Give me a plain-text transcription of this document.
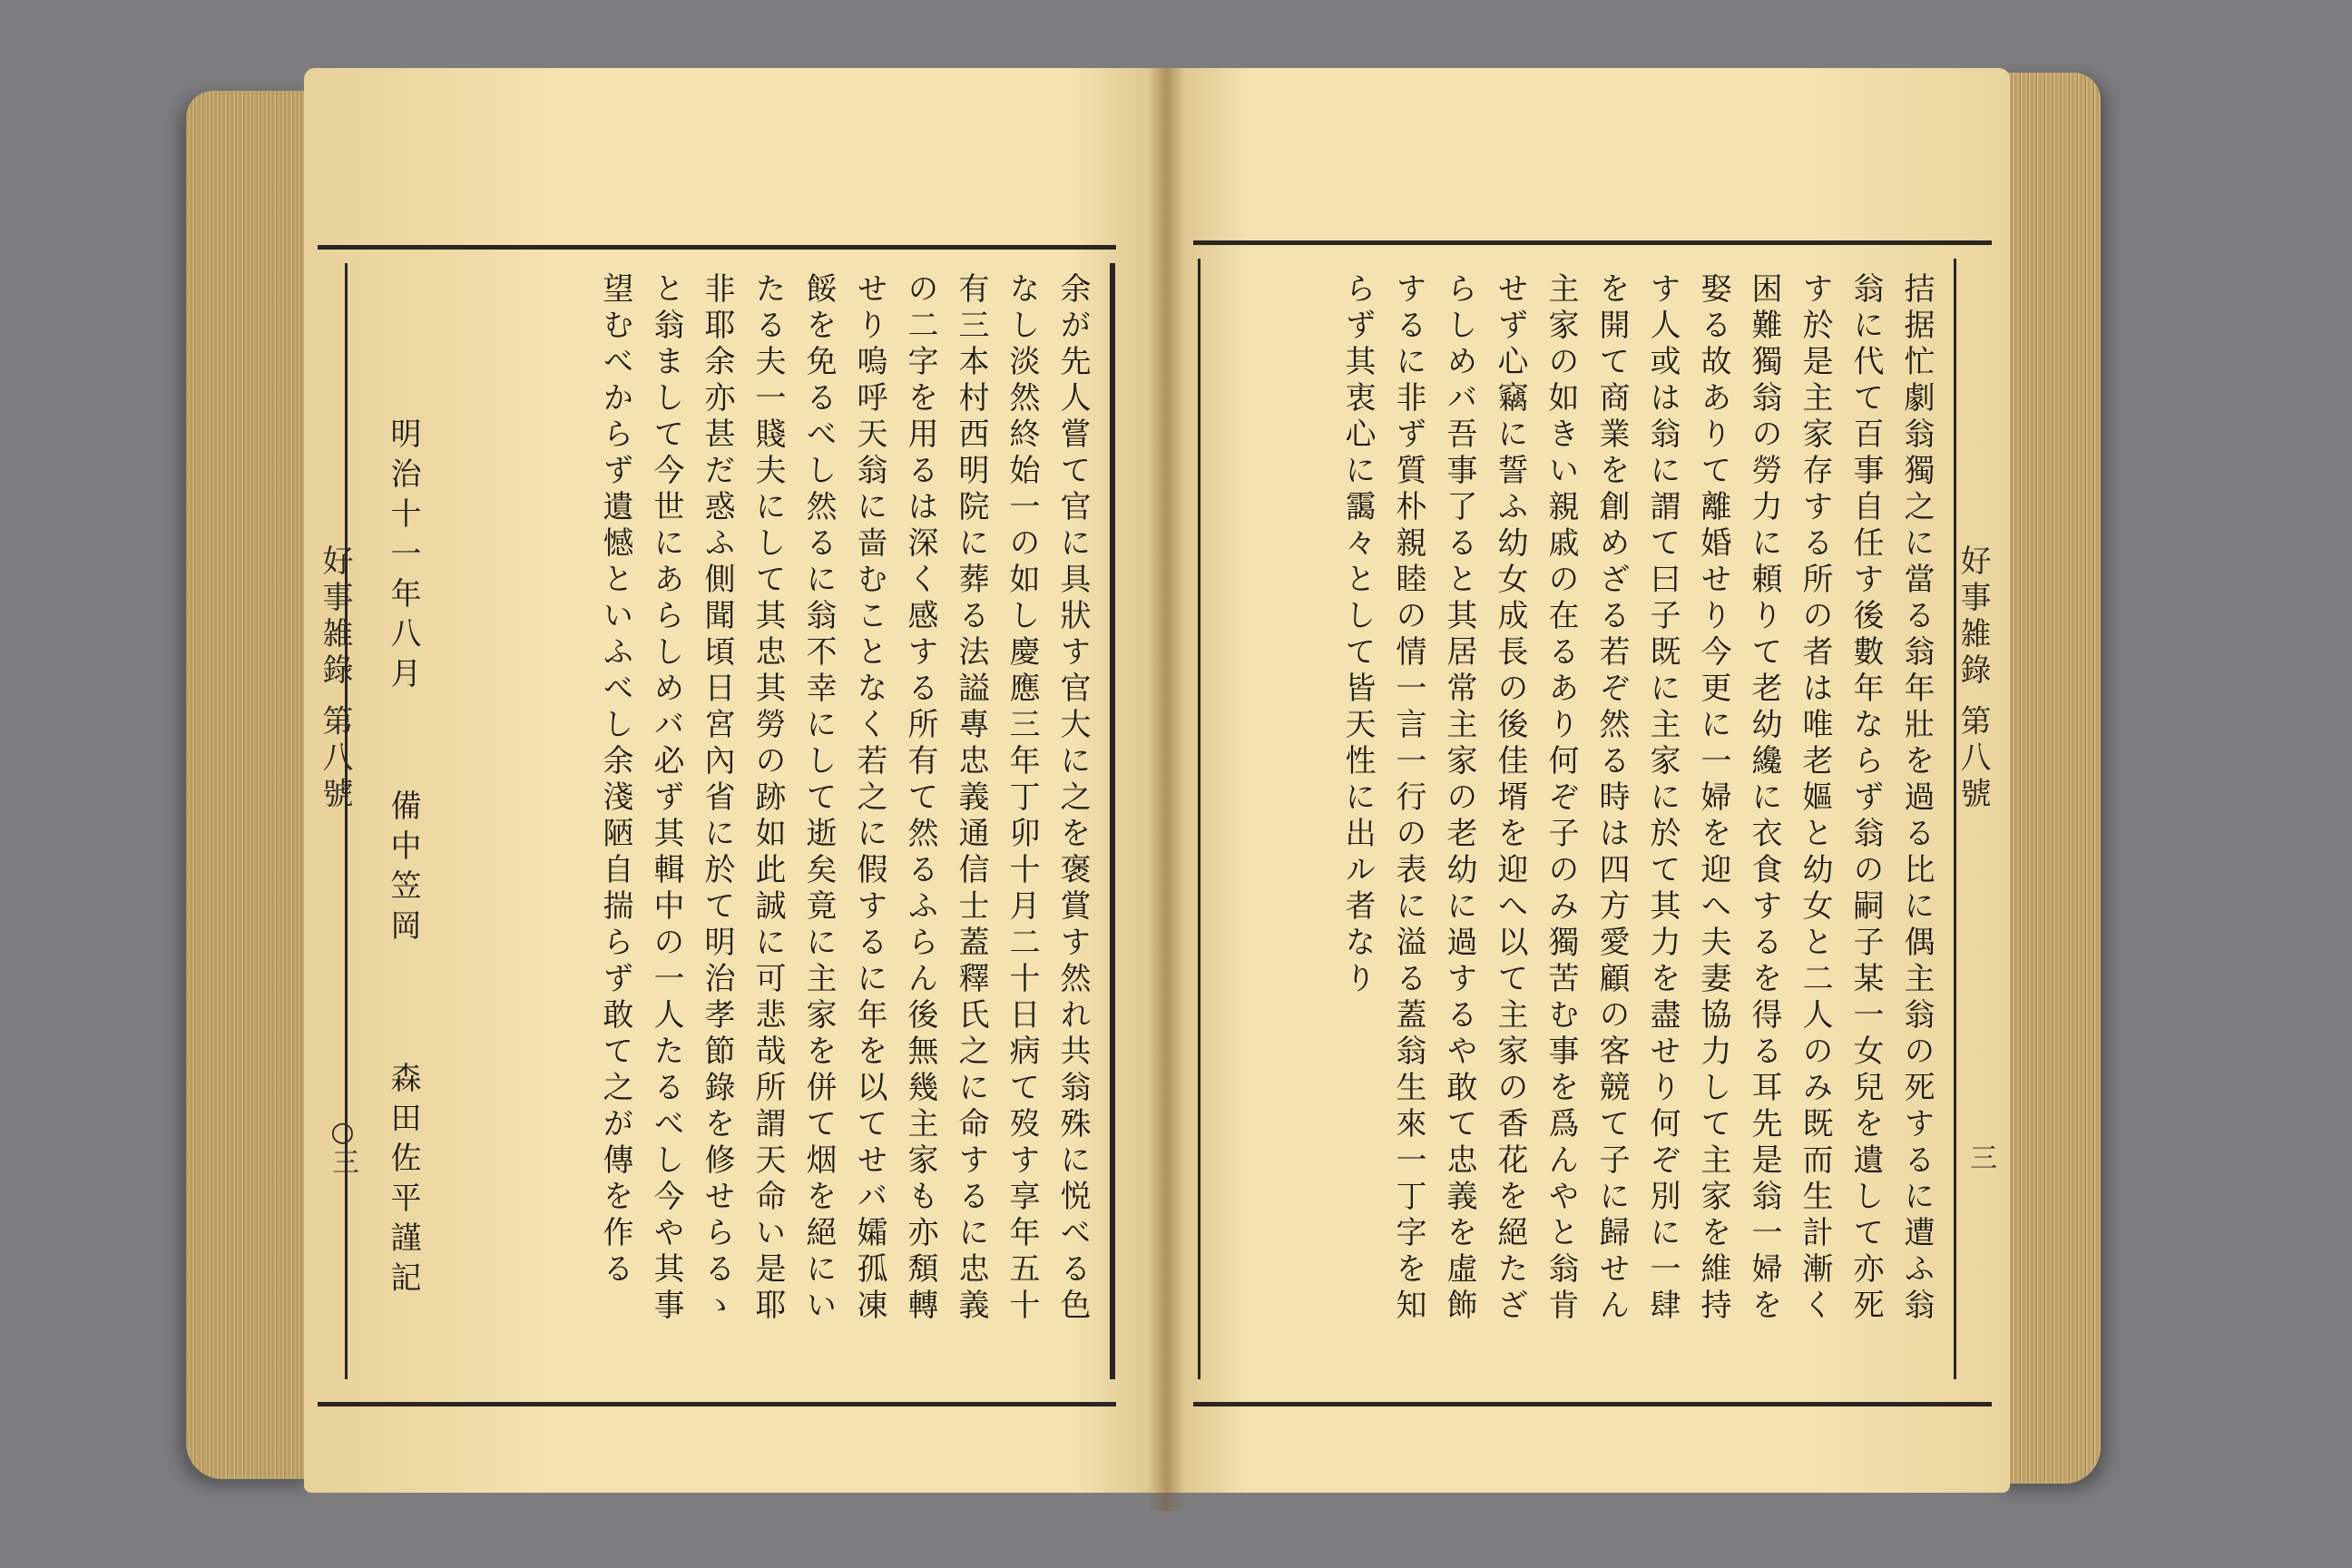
好事雑錄 第八號
○三	余が先人嘗て官に具狀す官大に之を褒賞す然れ共翁殊に悦べる色なし淡然終始一の如し慶應三年丁卯十月二十日病て歿す享年五十有三本村西明院に葬る法謚專忠義通信士蓋釋氏之に命するに忠義の二字を用るは深く感する所有て然るふらん後無幾主家も亦頽轉せり嗚呼天翁に啬むことなく若之に假するに年を以てせバ孀孤凍餒を免るべし然るに翁不幸にして逝矣竟に主家を併て烟を絕にいたる夫一賤夫にして其忠其勞の跡如此誠に可悲哉所謂天命い是耶非耶余亦甚だ惑ふ側聞頃日宮內省に於て明治孝節錄を修せらるゝと翁まして今世にあらしめバ必ず其輯中の一人たるべし今や其事望むべからず遺憾といふべし余淺陋自揣らず敢て之が傳を作る
明治十一年八月
備中笠岡
森田佐平謹記	拮据忙劇翁獨之に當る翁年壯を過る比に偶主翁の死するに遭ふ翁翁に代て百事自任す後數年ならず翁の嗣子某一女兒を遺して亦死す於是主家存する所の者は唯老嫗と幼女と二人のみ既而生計漸く困難獨翁の勞力に頼りて老幼纔に衣食するを得る耳先是翁一婦を娶る故ありて離婚せり今更に一婦を迎へ夫妻協力して主家を維持す人或は翁に謂て曰子既に主家に於て其力を盡せり何ぞ別に一肆を開て商業を創めざる若ぞ然る時は四方愛顧の客競て子に歸せん主家の如きい親戚の在るあり何ぞ子のみ獨苦む事を爲んやと翁肯せず心竊に誓ふ幼女成長の後佳壻を迎へ以て主家の香花を絕たざらしめバ吾事了ると其居常主家の老幼に過するや敢て忠義を虛飾するに非ず質朴親睦の情一言一行の表に溢る蓋翁生來一丁字を知らず其衷心に靄々として皆天性に出ル者なり	好事雑錄 第八號
三
